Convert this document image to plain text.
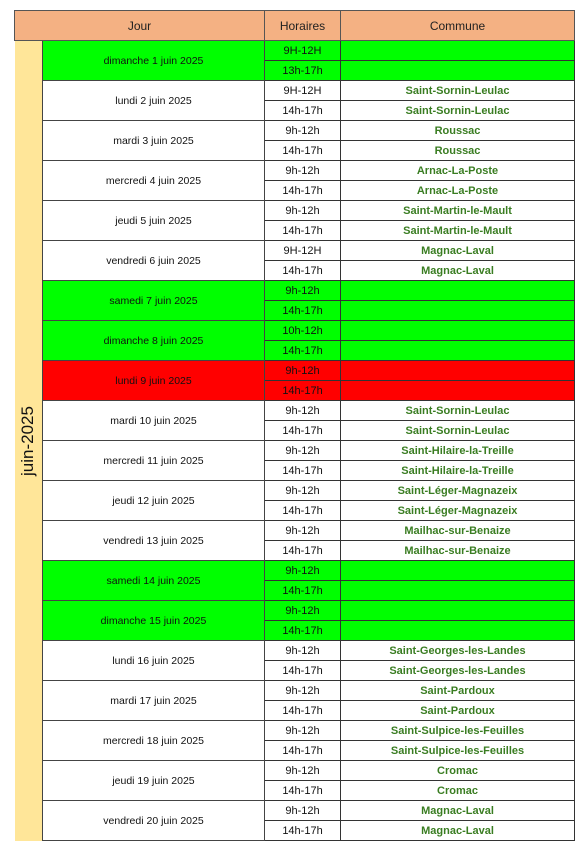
Jour		Horaires	Commune

juin-2025	dimanche 1 juin 2025	9H-12H	
		13h-17h	
	lundi 2 juin 2025	9H-12H	Saint-Sornin-Leulac
		14h-17h	Saint-Sornin-Leulac
	mardi 3 juin 2025	9h-12h	Roussac
		14h-17h	Roussac
	mercredi 4 juin 2025	9h-12h	Arnac-La-Poste
		14h-17h	Arnac-La-Poste
	jeudi 5 juin 2025	9h-12h	Saint-Martin-le-Mault
		14h-17h	Saint-Martin-le-Mault
	vendredi 6 juin 2025	9H-12H	Magnac-Laval
		14h-17h	Magnac-Laval
	samedi 7 juin 2025	9h-12h	
		14h-17h	
	dimanche 8 juin 2025	10h-12h	
		14h-17h	
	lundi 9 juin 2025	9h-12h	
		14h-17h	
	mardi 10 juin 2025	9h-12h	Saint-Sornin-Leulac
		14h-17h	Saint-Sornin-Leulac
	mercredi 11 juin 2025	9h-12h	Saint-Hilaire-la-Treille
		14h-17h	Saint-Hilaire-la-Treille
	jeudi 12 juin 2025	9h-12h	Saint-Léger-Magnazeix
		14h-17h	Saint-Léger-Magnazeix
	vendredi 13 juin 2025	9h-12h	Mailhac-sur-Benaize
		14h-17h	Mailhac-sur-Benaize
	samedi 14 juin 2025	9h-12h	
		14h-17h	
	dimanche 15 juin 2025	9h-12h	
		14h-17h	
	lundi 16 juin 2025	9h-12h	Saint-Georges-les-Landes
		14h-17h	Saint-Georges-les-Landes
	mardi 17 juin 2025	9h-12h	Saint-Pardoux
		14h-17h	Saint-Pardoux
	mercredi 18 juin 2025	9h-12h	Saint-Sulpice-les-Feuilles
		14h-17h	Saint-Sulpice-les-Feuilles
	jeudi 19 juin 2025	9h-12h	Cromac
		14h-17h	Cromac
	vendredi 20 juin 2025	9h-12h	Magnac-Laval
		14h-17h	Magnac-Laval
